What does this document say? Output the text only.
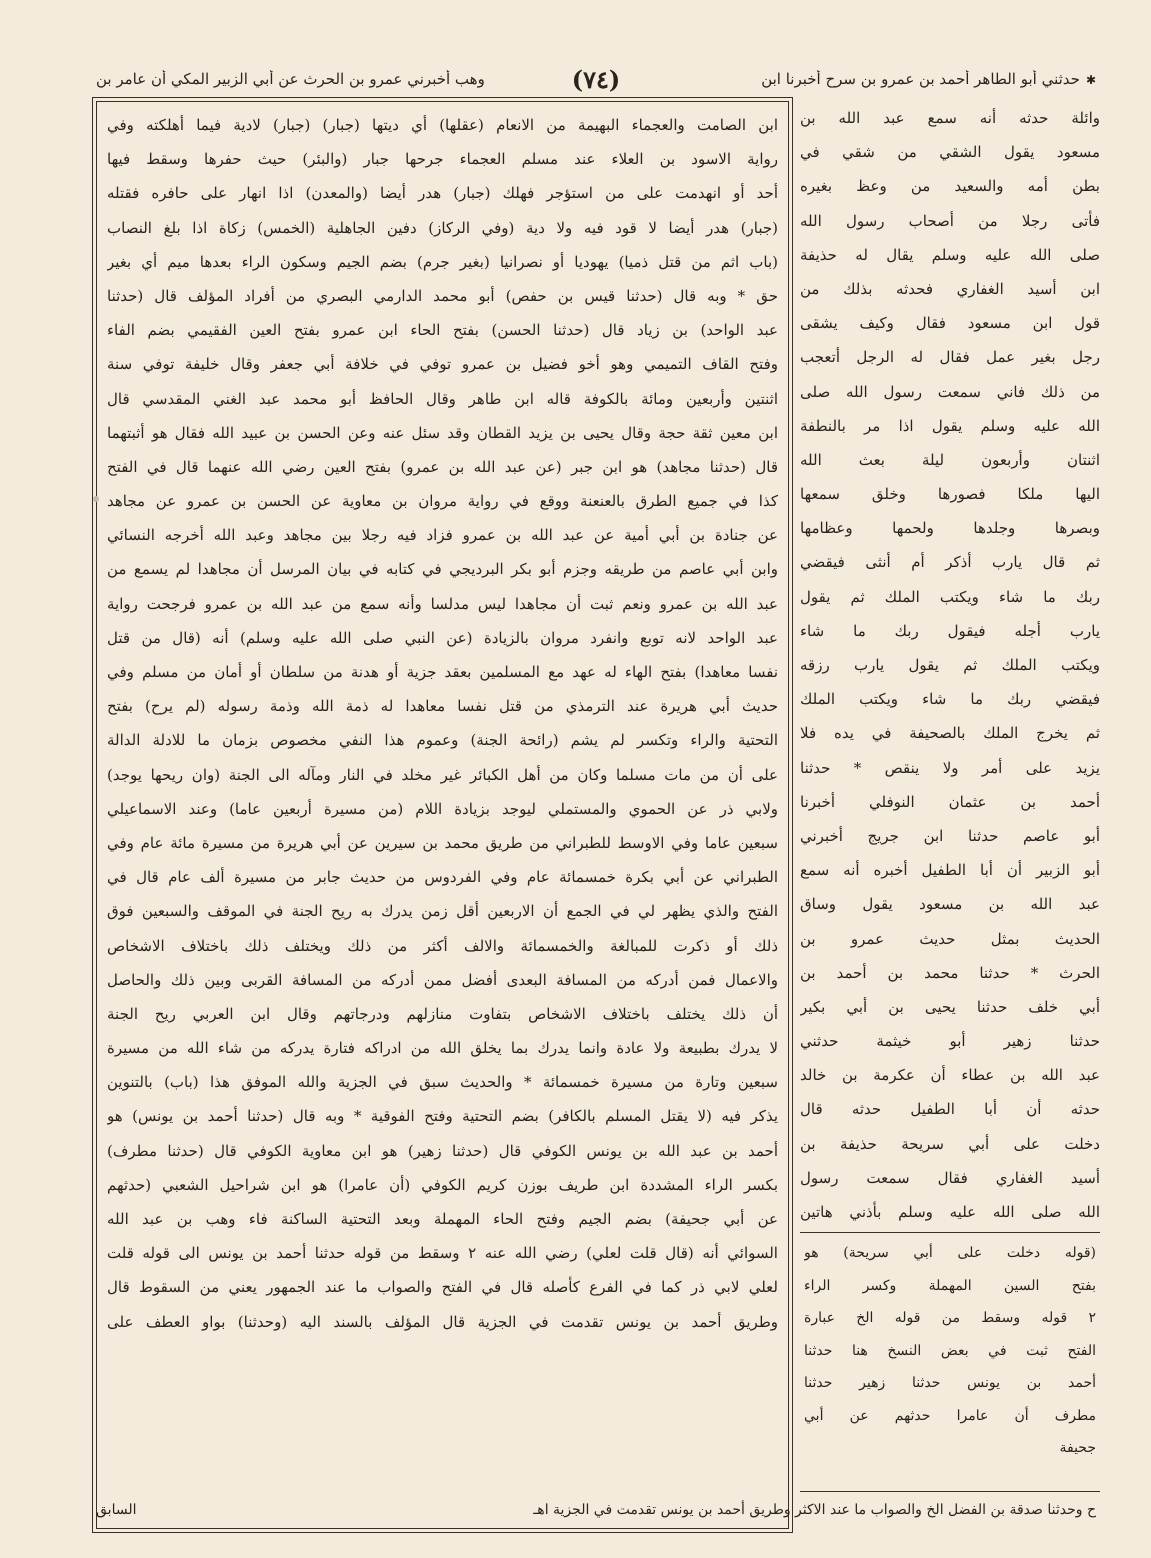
✱حدثني أبو الطاهر أحمد بن عمرو بن سرح أخبرنا ابن
(٧٤)
وهب أخبرني عمرو بن الحرث عن أبي الزبير المكي أن عامر بن
ابن الصامت والعجماء البهيمة من الانعام (عقلها) أي ديتها (جبار) (جبار) لادية فيما أهلكته وفي
رواية الاسود بن العلاء عند مسلم العجماء جرحها جبار (والبئر) حيث حفرها وسقط فيها
أحد أو انهدمت على من استؤجر فهلك (جبار) هدر أيضا (والمعدن) اذا انهار على حافره فقتله
(جبار) هدر أيضا لا قود فيه ولا دية (وفي الركاز) دفين الجاهلية (الخمس) زكاة اذا بلغ النصاب
(باب اثم من قتل ذميا) يهوديا أو نصرانيا (بغير جرم) بضم الجيم وسكون الراء بعدها ميم أي بغير
حق * وبه قال (حدثنا قيس بن حفص) أبو محمد الدارمي البصري من أفراد المؤلف قال (حدثنا
عبد الواحد) بن زياد قال (حدثنا الحسن) بفتح الحاء ابن عمرو بفتح العين الفقيمي بضم الفاء
وفتح القاف التميمي وهو أخو فضيل بن عمرو توفي في خلافة أبي جعفر وقال خليفة توفي سنة
اثنتين وأربعين ومائة بالكوفة قاله ابن طاهر وقال الحافظ أبو محمد عبد الغني المقدسي قال
ابن معين ثقة حجة وقال يحيى بن يزيد القطان وقد سئل عنه وعن الحسن بن عبيد الله فقال هو أثبتهما
قال (حدثنا مجاهد) هو ابن جبر (عن عبد الله بن عمرو) بفتح العين رضي الله عنهما قال في الفتح
كذا في جميع الطرق بالعنعنة ووقع في رواية مروان بن معاوية عن الحسن بن عمرو عن مجاهد
عن جنادة بن أبي أمية عن عبد الله بن عمرو فزاد فيه رجلا بين مجاهد وعبد الله أخرجه النسائي
وابن أبي عاصم من طريقه وجزم أبو بكر البرديجي في كتابه في بيان المرسل أن مجاهدا لم يسمع من
عبد الله بن عمرو ونعم ثبت أن مجاهدا ليس مدلسا وأنه سمع من عبد الله بن عمرو فرجحت رواية
عبد الواحد لانه توبع وانفرد مروان بالزيادة (عن النبي صلى الله عليه وسلم) أنه (قال من قتل
نفسا معاهدا) بفتح الهاء له عهد مع المسلمين بعقد جزية أو هدنة من سلطان أو أمان من مسلم وفي
حديث أبي هريرة عند الترمذي من قتل نفسا معاهدا له ذمة الله وذمة رسوله (لم يرح) بفتح
التحتية والراء وتكسر لم يشم (رائحة الجنة) وعموم هذا النفي مخصوص بزمان ما للادلة الدالة
على أن من مات مسلما وكان من أهل الكبائر غير مخلد في النار ومآله الى الجنة (وان ريحها يوجد)
ولابي ذر عن الحموي والمستملي ليوجد بزيادة اللام (من مسيرة أربعين عاما) وعند الاسماعيلي
سبعين عاما وفي الاوسط للطبراني من طريق محمد بن سيرين عن أبي هريرة من مسيرة مائة عام وفي
الطبراني عن أبي بكرة خمسمائة عام وفي الفردوس من حديث جابر من مسيرة ألف عام قال في
الفتح والذي يظهر لي في الجمع أن الاربعين أقل زمن يدرك به ريح الجنة في الموقف والسبعين فوق
ذلك أو ذكرت للمبالغة والخمسمائة والالف أكثر من ذلك ويختلف ذلك باختلاف الاشخاص
والاعمال فمن أدركه من المسافة البعدى أفضل ممن أدركه من المسافة القربى وبين ذلك والحاصل
أن ذلك يختلف باختلاف الاشخاص بتفاوت منازلهم ودرجاتهم وقال ابن العربي ريح الجنة
لا يدرك بطبيعة ولا عادة وانما يدرك بما يخلق الله من ادراكه فتارة يدركه من شاء الله من مسيرة
سبعين وتارة من مسيرة خمسمائة * والحديث سبق في الجزية والله الموفق هذا (باب) بالتنوين
يذكر فيه (لا يقتل المسلم بالكافر) بضم التحتية وفتح الفوقية * وبه قال (حدثنا أحمد بن يونس) هو
أحمد بن عبد الله بن يونس الكوفي قال (حدثنا زهير) هو ابن معاوية الكوفي قال (حدثنا مطرف)
بكسر الراء المشددة ابن طريف بوزن كريم الكوفي (أن عامرا) هو ابن شراحيل الشعبي (حدثهم
عن أبي جحيفة) بضم الجيم وفتح الحاء المهملة وبعد التحتية الساكنة فاء وهب بن عبد الله
السوائي أنه (قال قلت لعلي) رضي الله عنه ٢ وسقط من قوله حدثنا أحمد بن يونس الى قوله قلت
لعلي لابي ذر كما في الفرع كأصله قال في الفتح والصواب ما عند الجمهور يعني من السقوط قال
وطريق أحمد بن يونس تقدمت في الجزية قال المؤلف بالسند اليه (وحدثنا) بواو العطف على
وائلة حدثه أنه سمع عبد الله بن
مسعود يقول الشقي من شقي في
بطن أمه والسعيد من وعظ بغيره
فأتى رجلا من أصحاب رسول الله
صلى الله عليه وسلم يقال له حذيفة
ابن أسيد الغفاري فحدثه بذلك من
قول ابن مسعود فقال وكيف يشقى
رجل بغير عمل فقال له الرجل أتعجب
من ذلك فاني سمعت رسول الله صلى
الله عليه وسلم يقول اذا مر بالنطفة
اثنتان وأربعون ليلة بعث الله
اليها ملكا فصورها وخلق سمعها
وبصرها وجلدها ولحمها وعظامها
ثم قال يارب أذكر أم أنثى فيقضي
ربك ما شاء ويكتب الملك ثم يقول
يارب أجله فيقول ربك ما شاء
ويكتب الملك ثم يقول يارب رزقه
فيقضي ربك ما شاء ويكتب الملك
ثم يخرج الملك بالصحيفة في يده فلا
يزيد على أمر ولا ينقص * حدثنا
أحمد بن عثمان النوفلي أخبرنا
أبو عاصم حدثنا ابن جريج أخبرني
أبو الزبير أن أبا الطفيل أخبره أنه سمع
عبد الله بن مسعود يقول وساق
الحديث بمثل حديث عمرو بن
الحرث * حدثنا محمد بن أحمد بن
أبي خلف حدثنا يحيى بن أبي بكير
حدثنا زهير أبو خيثمة حدثني
عبد الله بن عطاء أن عكرمة بن خالد
حدثه أن أبا الطفيل حدثه قال
دخلت على أبي سريحة حذيفة بن
أسيد الغفاري فقال سمعت رسول
الله صلى الله عليه وسلم بأذني هاتين
(قوله دخلت على أبي سريحة) هو
بفتح السين المهملة وكسر الراء
٢ قوله وسقط من قوله الخ عبارة
الفتح ثبت في بعض النسخ هنا حدثنا
أحمد بن يونس حدثنا زهير حدثنا
مطرف أن عامرا حدثهم عن أبي
جحيفة
ح وحدثنا صدقة بن الفضل الخ والصواب ما عند الاكثر وطريق أحمد بن يونس تقدمت في الجزية اهـ
السابق
